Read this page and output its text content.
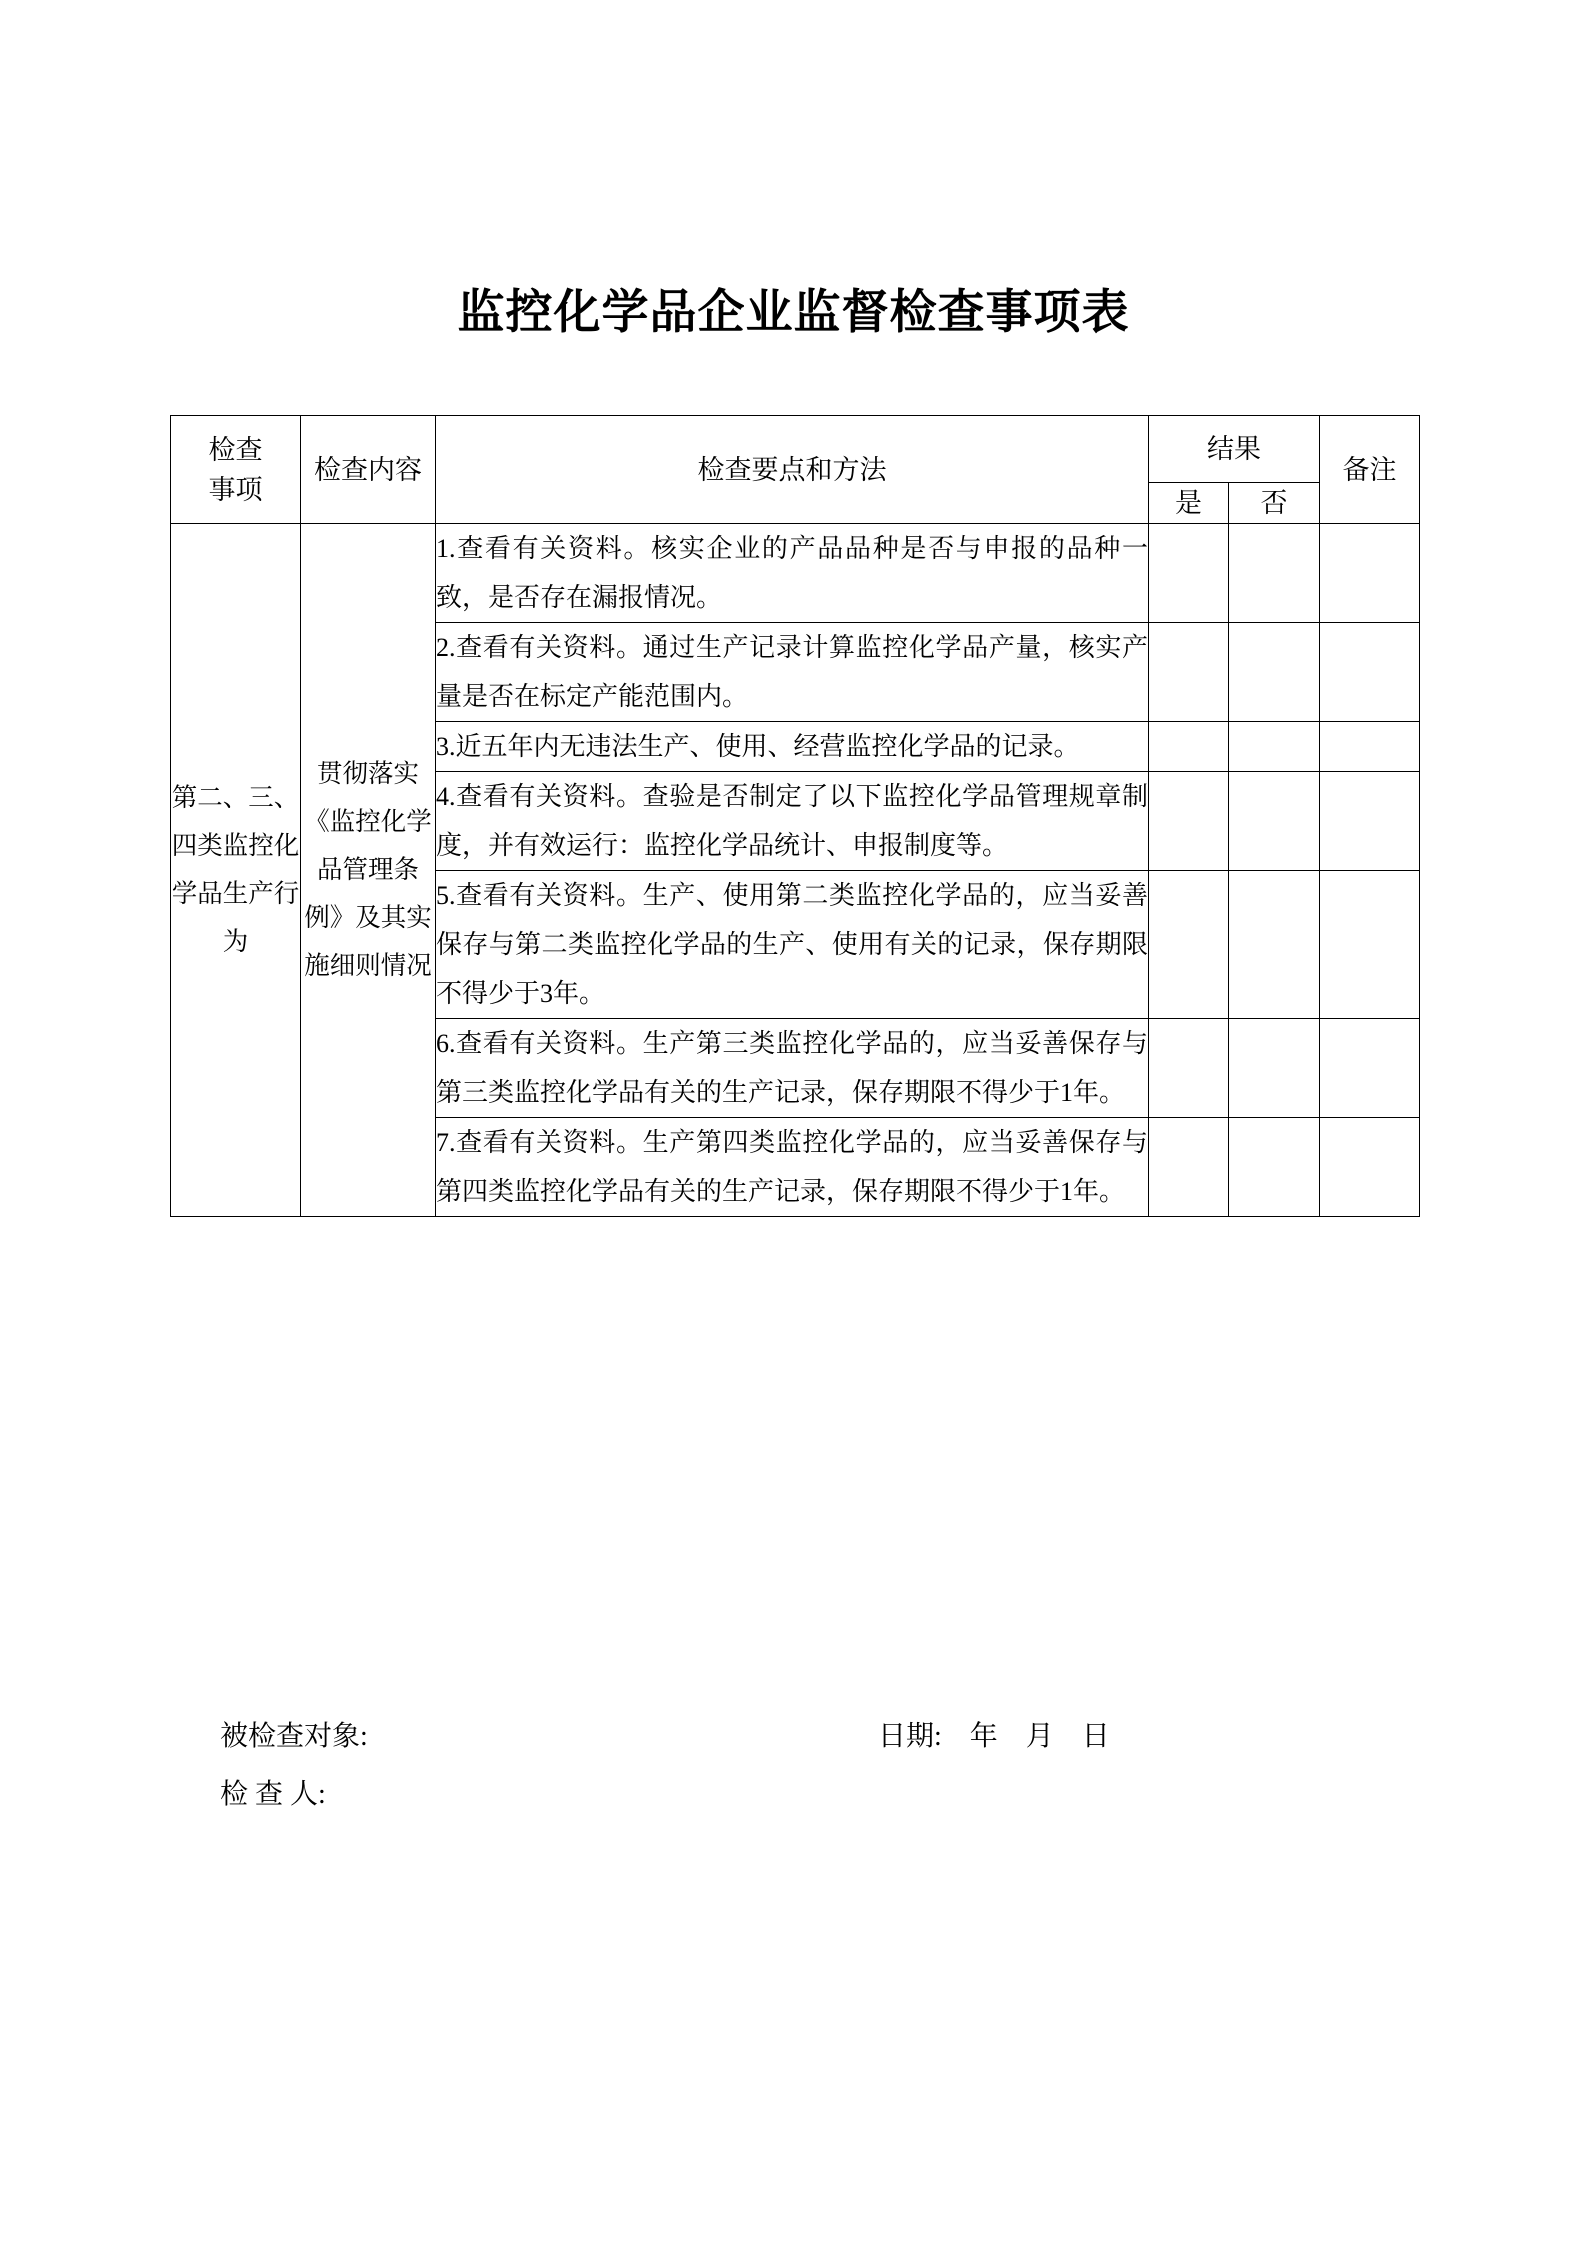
监控化学品企业监督检查事项表
检查
事项	检查内容	检查要点和方法	结果		备注
			是	否	
第二、三、四类监控化学品生产行为	贯彻落实《监控化学品管理条例》及其实施细则情况	1.查看有关资料。核实企业的产品品种是否与申报的品种一致，是否存在漏报情况。			
		2.查看有关资料。通过生产记录计算监控化学品产量，核实产量是否在标定产能范围内。			
		3.近五年内无违法生产、使用、经营监控化学品的记录。			
		4.查看有关资料。查验是否制定了以下监控化学品管理规章制度，并有效运行：监控化学品统计、申报制度等。			
		5.查看有关资料。生产、使用第二类监控化学品的，应当妥善保存与第二类监控化学品的生产、使用有关的记录，保存期限不得少于3年。			
		6.查看有关资料。生产第三类监控化学品的，应当妥善保存与第三类监控化学品有关的生产记录，保存期限不得少于1年。			
		7.查看有关资料。生产第四类监控化学品的，应当妥善保存与第四类监控化学品有关的生产记录，保存期限不得少于1年。			

被检查对象:

检 查 人:

日期:    年    月    日
